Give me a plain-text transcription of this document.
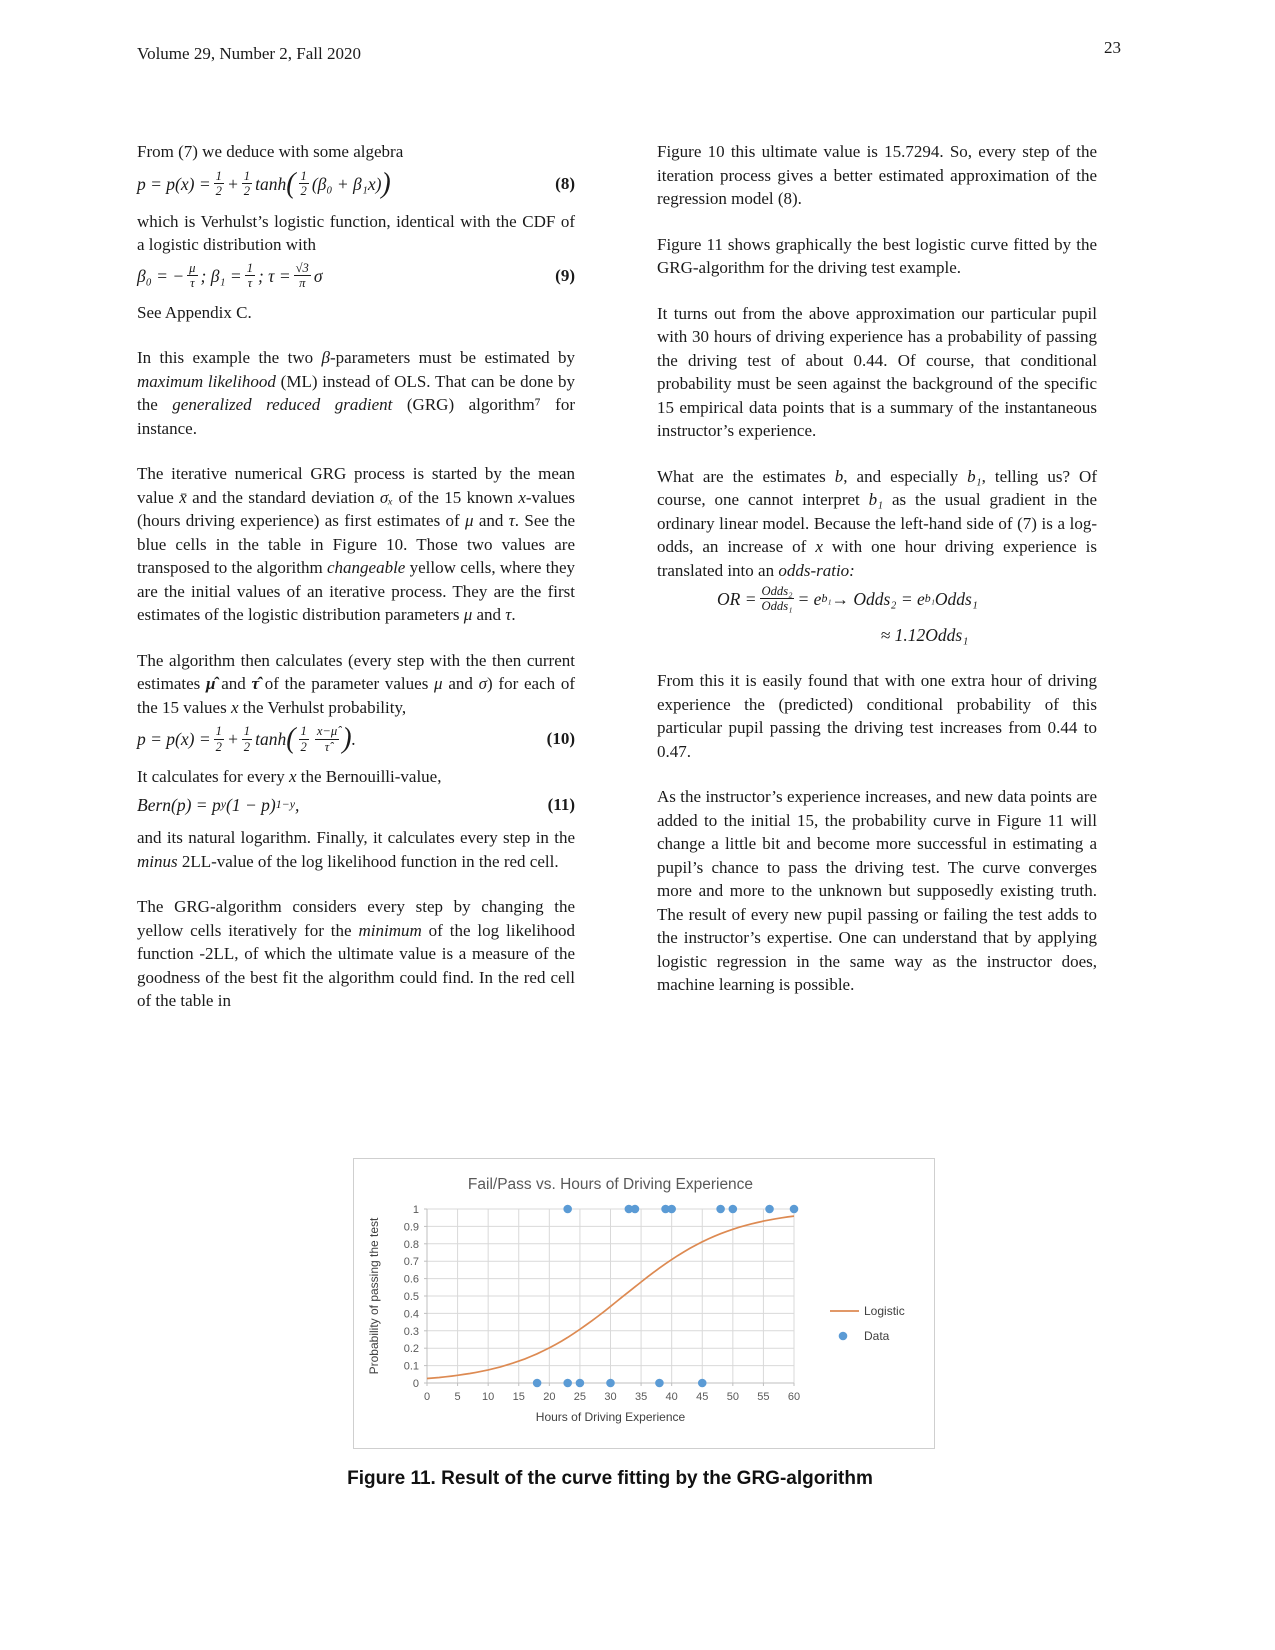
Volume 29, Number 2, Fall 2020	23

From (7) we deduce with some algebra

$p = p(x) = \frac{1}{2} + \frac{1}{2}$ tanh ( $\frac{1}{2} (\beta_0 + \beta_1x)$ )	(8)

which is Verhulst’s logistic function, identical with the CDF of a logistic distribution with

β₀ = − $\frac{\mu}{\tau}$ ; $\beta_1 = \frac{1}{\tau}$ ; $\tau = \frac{√3}{\pi}$ σ	(9)

See Appendix C.

In this example the two β-parameters must be estimated by maximum likelihood (ML) instead of OLS. That can be done by the generalized reduced gradient (GRG) algorithm⁷ for instance.

The iterative numerical GRG process is started by the mean value x̄ and the standard deviation σₓ of the 15 known x-values (hours driving experience) as first estimates of μ and τ. See the blue cells in the table in Figure 10. Those two values are transposed to the algorithm changeable yellow cells, where they are the initial values of an iterative process. They are the first estimates of the logistic distribution parameters μ and τ.

The algorithm then calculates (every step with the then current estimates μ̂ and τ̂ of the parameter values μ and σ) for each of the 15 values x the Verhulst probability,

$p = p(x) = \frac{1}{2} + \frac{1}{2}$ tanh ( $\frac{1}{2} \frac{x-\mû}{\taû}$ ) .	(10)

It calculates for every x the Bernouilli-value,

Bern(p) = p y (1 − p) 1−y ,	(11)

and its natural logarithm. Finally, it calculates every step in the minus 2LL-value of the log likelihood function in the red cell.

The GRG-algorithm considers every step by changing the yellow cells iteratively for the minimum of the log likelihood function -2LL, of which the ultimate value is a measure of the goodness of the best fit the algorithm could find. In the red cell of the table in

Figure 10 this ultimate value is 15.7294. So, every step of the iteration process gives a better estimated approximation of the regression model (8).

Figure 11 shows graphically the best logistic curve fitted by the GRG-algorithm for the driving test example.

It turns out from the above approximation our particular pupil with 30 hours of driving experience has a probability of passing the driving test of about 0.44. Of course, that conditional probability must be seen against the background of the specific 15 empirical data points that is a summary of the instantaneous instructor’s experience.

What are the estimates b, and especially b₁, telling us? Of course, one cannot interpret b₁ as the usual gradient in the ordinary linear model. Because the left-hand side of (7) is a log-odds, an increase of x with one hour driving experience is translated into an odds-ratio:

OR = $\frac{\text{Odds₂}}{\text{Odds₁}} = e$ b₁ → Odds₂ = e b₁ Odds₁
≈ 1.12Odds₁

From this it is easily found that with one extra hour of driving experience the (predicted) conditional probability of this particular pupil passing the driving test increases from 0.44 to 0.47.

As the instructor’s experience increases, and new data points are added to the initial 15, the probability curve in Figure 11 will change a little bit and become more successful in estimating a pupil’s chance to pass the driving test. The curve converges more and more to the unknown but supposedly existing truth. The result of every new pupil passing or failing the test adds to the instructor’s expertise. One can understand that by applying logistic regression in the same way as the instructor does, machine learning is possible.

0 5 10 15 20 25 30 35 40 45 50 55 60
0
0.1
0.2
0.3
0.4
0.5
0.6
0.7
0.8
0.9
1
Fail/Pass vs. Hours of Driving Experience
Hours of Driving Experience
Probability of passing the test	Logistic
Data
Figure 11. Result of the curve fitting by the GRG-algorithm
